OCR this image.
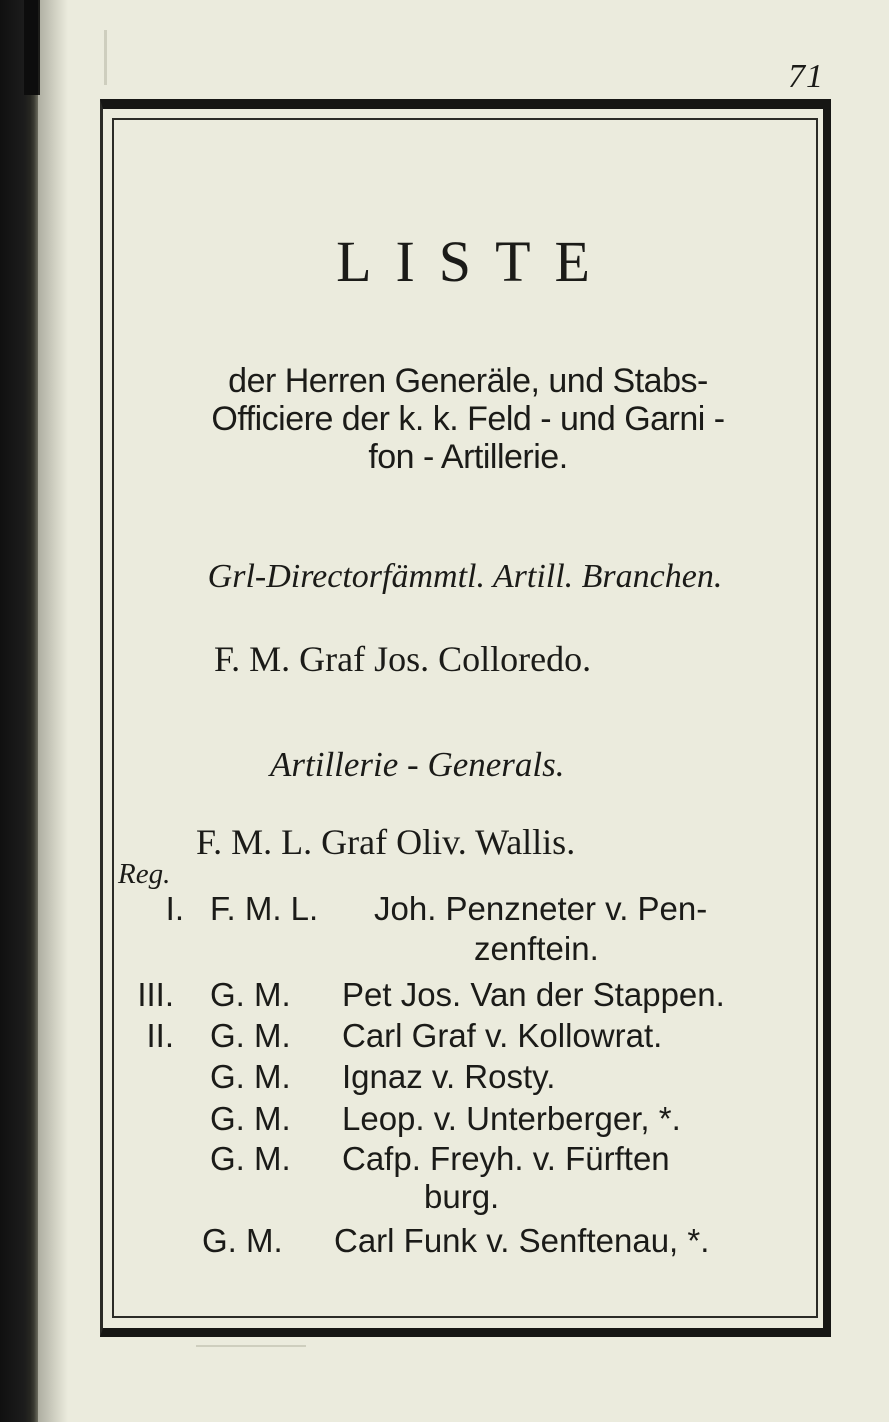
71
LISTE
der Herren Generäle, und Stabs-
Officiere der k. k. Feld - und Garni -
fon - Artillerie.
Grl-Directorfämmtl. Artill. Branchen.
F. M. Graf Jos. Colloredo.
Artillerie - Generals.
F. M. L. Graf Oliv. Wallis.
Reg.
I. F. M. L. Joh. Penzneter v. Pen-
zenftein.
III. G. M. Pet Jos. Van der Stappen.
II. G. M. Carl Graf v. Kollowrat.
G. M. Ignaz v. Rosty.
G. M. Leop. v. Unterberger, *.
G. M. Cafp. Freyh. v. Fürften
burg.
G. M. Carl Funk v. Senftenau, *.
